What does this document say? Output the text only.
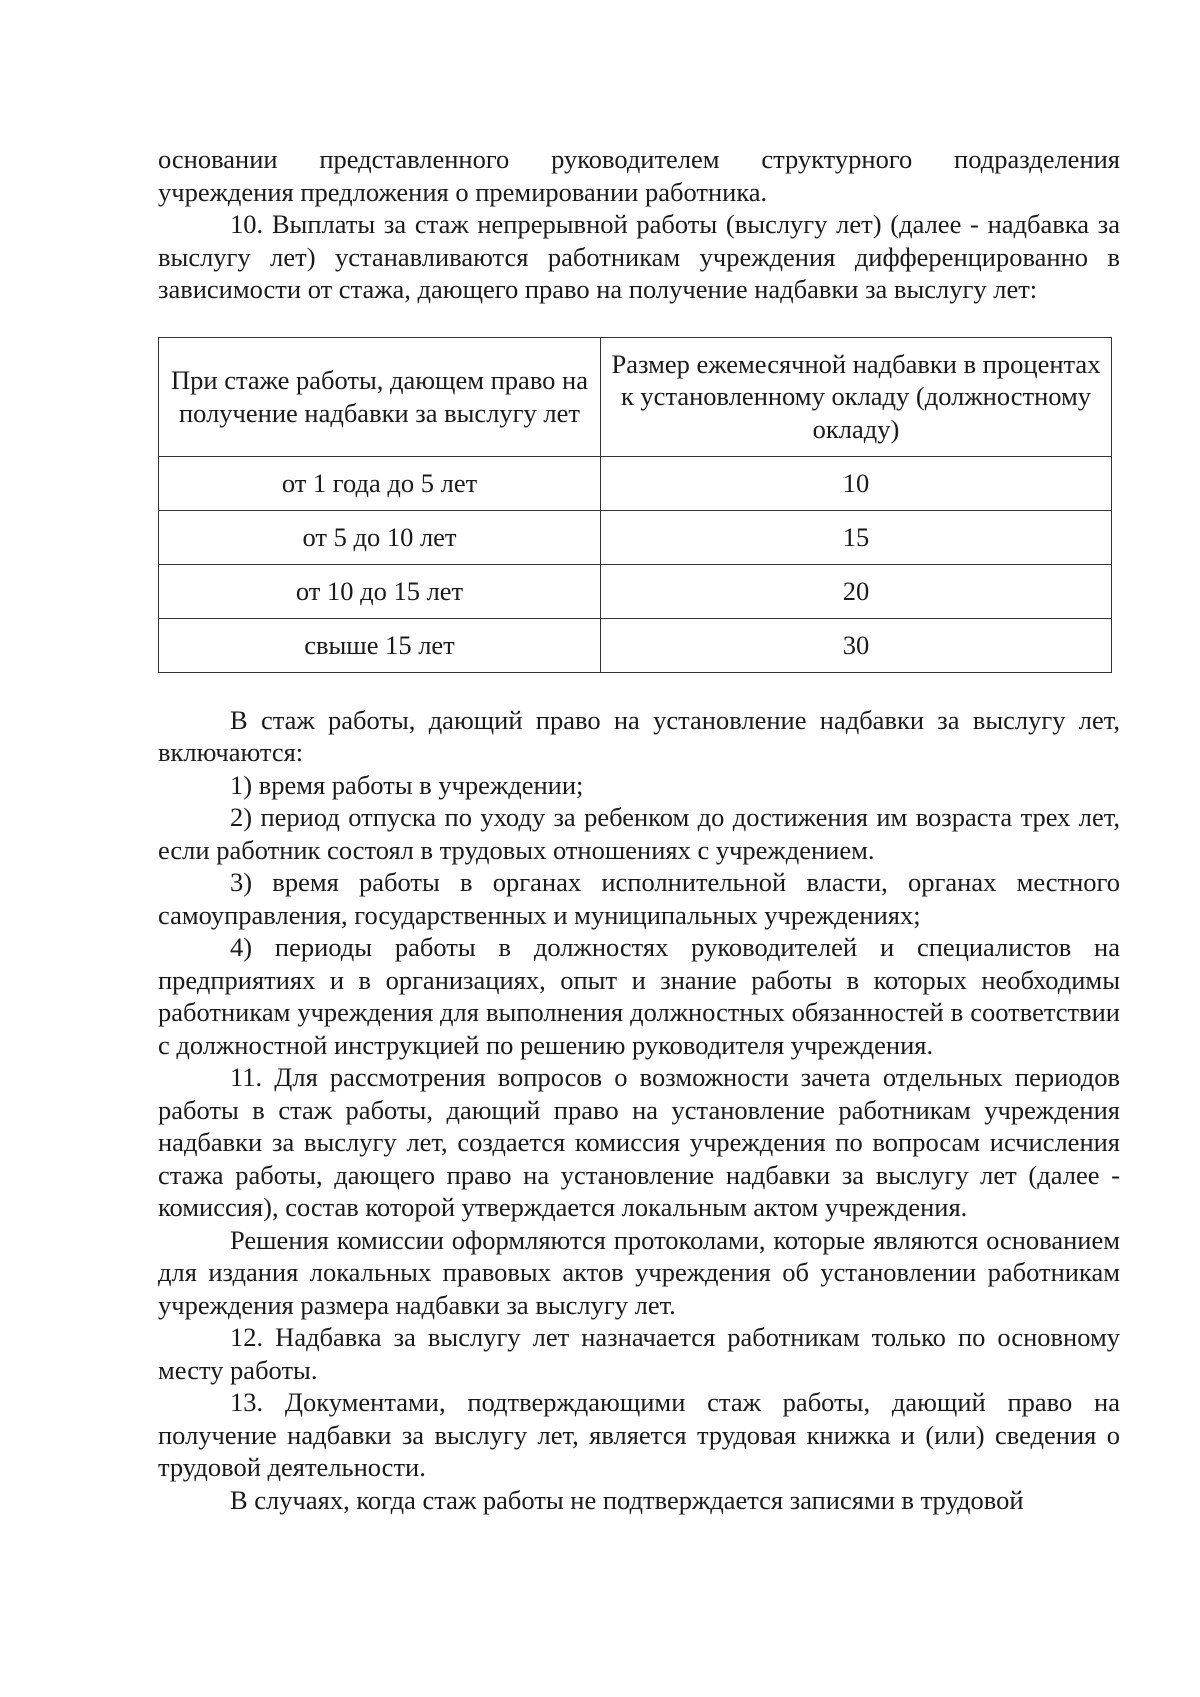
основании представленного руководителем структурного подразделения учреждения предложения о премировании работника.

10. Выплаты за стаж непрерывной работы (выслугу лет) (далее - надбавка за выслугу лет) устанавливаются работникам учреждения дифференцированно в зависимости от стажа, дающего право на получение надбавки за выслугу лет:

При стаже работы, дающем право на получение надбавки за выслугу лет	Размер ежемесячной надбавки в процентах к установленному окладу (должностному окладу)
от 1 года до 5 лет	10
от 5 до 10 лет	15
от 10 до 15 лет	20
свыше 15 лет	30

В стаж работы, дающий право на установление надбавки за выслугу лет, включаются:

1) время работы в учреждении;

2) период отпуска по уходу за ребенком до достижения им возраста трех лет, если работник состоял в трудовых отношениях с учреждением.

3) время работы в органах исполнительной власти, органах местного самоуправления, государственных и муниципальных учреждениях;

4) периоды работы в должностях руководителей и специалистов на предприятиях и в организациях, опыт и знание работы в которых необходимы работникам учреждения для выполнения должностных обязанностей в соответствии с должностной инструкцией по решению руководителя учреждения.

11. Для рассмотрения вопросов о возможности зачета отдельных периодов работы в стаж работы, дающий право на установление работникам учреждения надбавки за выслугу лет, создается комиссия учреждения по вопросам исчисления стажа работы, дающего право на установление надбавки за выслугу лет (далее - комиссия), состав которой утверждается локальным актом учреждения.

Решения комиссии оформляются протоколами, которые являются основанием для издания локальных правовых актов учреждения об установлении работникам учреждения размера надбавки за выслугу лет.

12. Надбавка за выслугу лет назначается работникам только по основному месту работы.

13. Документами, подтверждающими стаж работы, дающий право на получение надбавки за выслугу лет, является трудовая книжка и (или) сведения о трудовой деятельности.

В случаях, когда стаж работы не подтверждается записями в трудовой
